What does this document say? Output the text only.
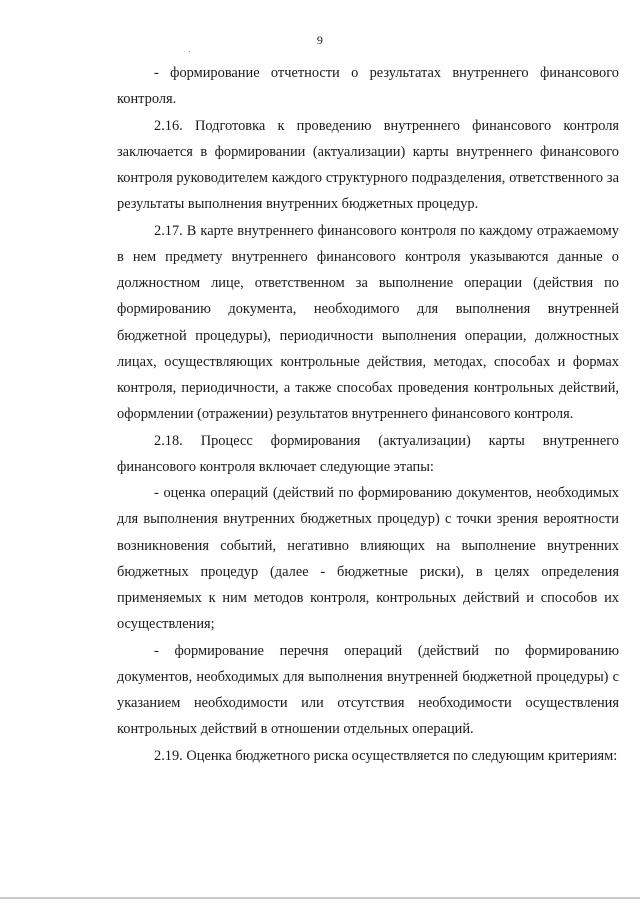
9

- формирование отчетности о результатах внутреннего финансового контроля.

2.16. Подготовка к проведению внутреннего финансового контроля заключается в формировании (актуализации) карты внутреннего финансового контроля руководителем каждого структурного подразделения, ответственного за результаты выполнения внутренних бюджетных процедур.

2.17. В карте внутреннего финансового контроля по каждому отражаемому в нем предмету внутреннего финансового контроля указываются данные о должностном лице, ответственном за выполнение операции (действия по формированию документа, необходимого для выполнения внутренней бюджетной процедуры), периодичности выполнения операции, должностных лицах, осуществляющих контрольные действия, методах, способах и формах контроля, периодичности, а также способах проведения контрольных действий, оформлении (отражении) результатов внутреннего финансового контроля.

2.18. Процесс формирования (актуализации) карты внутреннего финансового контроля включает следующие этапы:

- оценка операций (действий по формированию документов, необходимых для выполнения внутренних бюджетных процедур) с точки зрения вероятности возникновения событий, негативно влияющих на выполнение внутренних бюджетных процедур (далее - бюджетные риски), в целях определения применяемых к ним методов контроля, контрольных действий и способов их осуществления;

- формирование перечня операций (действий по формированию документов, необходимых для выполнения внутренней бюджетной процедуры) с указанием необходимости или отсутствия необходимости осуществления контрольных действий в отношении отдельных операций.

2.19. Оценка бюджетного риска осуществляется по следующим критериям:
